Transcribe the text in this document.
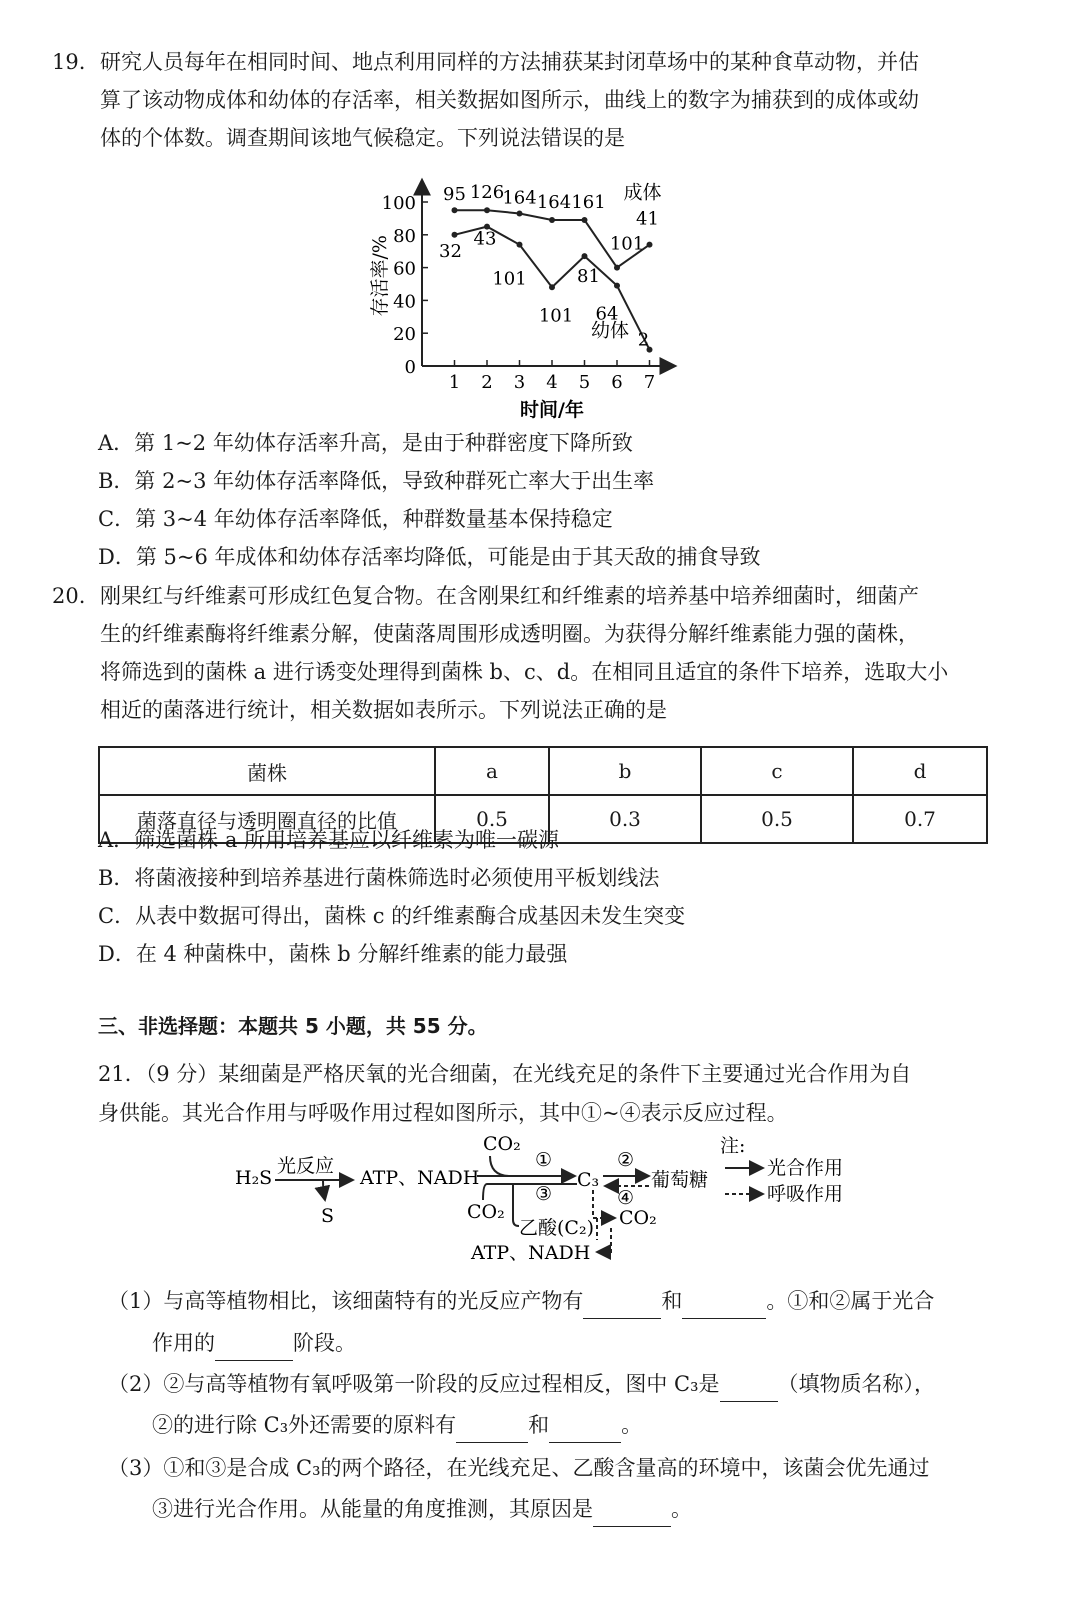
19. 研究人员每年在相同时间、地点利用同样的方法捕获某封闭草场中的某种食草动物，并估
算了该动物成体和幼体的存活率，相关数据如图所示，曲线上的数字为捕获到的成体或幼
体的个体数。调查期间该地气候稳定。下列说法错误的是
0
20
40
60
80
100
1 2 3 4 5 6 7
时间/年
存活率/%
95 126
164 164 161
101
41
32
43
101
101
81
64
2
成体
幼体
A．第 1~2 年幼体存活率升高，是由于种群密度下降所致
B．第 2~3 年幼体存活率降低，导致种群死亡率大于出生率
C．第 3~4 年幼体存活率降低，种群数量基本保持稳定
D．第 5~6 年成体和幼体存活率均降低，可能是由于其天敌的捕食导致
20. 刚果红与纤维素可形成红色复合物。在含刚果红和纤维素的培养基中培养细菌时，细菌产
生的纤维素酶将纤维素分解，使菌落周围形成透明圈。为获得分解纤维素能力强的菌株，
将筛选到的菌株 a 进行诱变处理得到菌株 b、c、d。在相同且适宜的条件下培养，选取大小
相近的菌落进行统计，相关数据如表所示。下列说法正确的是
菌株	a	b	c	d
菌落直径与透明圈直径的比值	0.5	0.3	0.5	0.7
A．筛选菌株 a 所用培养基应以纤维素为唯一碳源
B．将菌液接种到培养基进行菌株筛选时必须使用平板划线法
C．从表中数据可得出，菌株 c 的纤维素酶合成基因未发生突变
D．在 4 种菌株中，菌株 b 分解纤维素的能力最强
三、非选择题：本题共 5 小题，共 55 分。
21．（9 分）某细菌是严格厌氧的光合细菌，在光线充足的条件下主要通过光合作用为自
身供能。其光合作用与呼吸作用过程如图所示，其中①~④表示反应过程。
H₂S
光反应
S
ATP、NADH
CO₂
①
CO₂
③
乙酸(C₂)
C₃
②
④
葡萄糖
CO₂
ATP、NADH
注:
光合作用
呼吸作用
（1）与高等植物相比，该细菌特有的光反应产物有	和	。①和②属于光合
作用的	阶段。
（2）②与高等植物有氧呼吸第一阶段的反应过程相反，图中 C₃是	（填物质名称），
②的进行除 C₃外还需要的原料有	和	。
（3）①和③是合成 C₃的两个路径，在光线充足、乙酸含量高的环境中，该菌会优先通过
③进行光合作用。从能量的角度推测，其原因是	。
